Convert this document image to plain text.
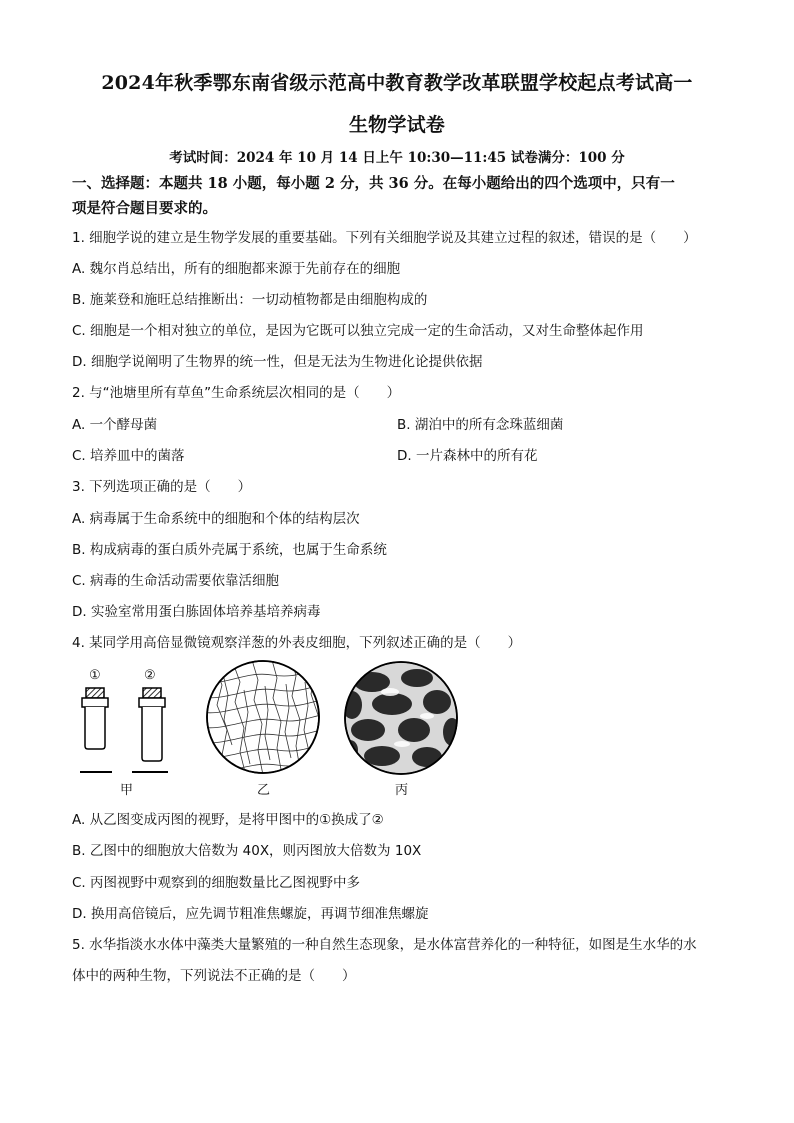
2024年秋季鄂东南省级示范高中教育教学改革联盟学校起点考试高一
生物学试卷
考试时间：2024 年 10 月 14 日上午 10:30—11:45 试卷满分：100 分
一、选择题：本题共 18 小题，每小题 2 分，共 36 分。在每小题给出的四个选项中，只有一
项是符合题目要求的。
1. 细胞学说的建立是生物学发展的重要基础。下列有关细胞学说及其建立过程的叙述，错误的是（　　）
A. 魏尔肖总结出，所有的细胞都来源于先前存在的细胞
B. 施莱登和施旺总结推断出：一切动植物都是由细胞构成的
C. 细胞是一个相对独立的单位，是因为它既可以独立完成一定的生命活动，又对生命整体起作用
D. 细胞学说阐明了生物界的统一性，但是无法为生物进化论提供依据
2. 与“池塘里所有草鱼”生命系统层次相同的是（　　）
A. 一个酵母菌	B. 湖泊中的所有念珠蓝细菌
C. 培养皿中的菌落	D. 一片森林中的所有花
3. 下列选项正确的是（　　）
A. 病毒属于生命系统中的细胞和个体的结构层次
B. 构成病毒的蛋白质外壳属于系统，也属于生命系统
C. 病毒的生命活动需要依靠活细胞
D. 实验室常用蛋白胨固体培养基培养病毒
4. 某同学用高倍显微镜观察洋葱的外表皮细胞，下列叙述正确的是（　　）
①	②
甲	乙	丙
A. 从乙图变成丙图的视野，是将甲图中的①换成了②
B. 乙图中的细胞放大倍数为 40X，则丙图放大倍数为 10X
C. 丙图视野中观察到的细胞数量比乙图视野中多
D. 换用高倍镜后，应先调节粗准焦螺旋，再调节细准焦螺旋
5. 水华指淡水水体中藻类大量繁殖的一种自然生态现象，是水体富营养化的一种特征，如图是生水华的水
体中的两种生物，下列说法不正确的是（　　）
